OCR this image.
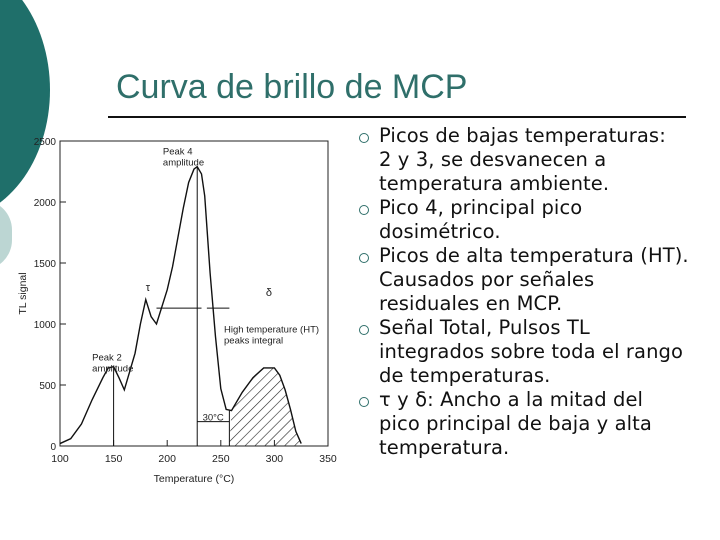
Curva de brillo de MCP
100	150	200	250	300	350
0
500
1000
1500
2000
2500
Temperature (°C)
TL signal
Peak 4
amplitude
Peak 2
amplitude
High temperature (HT)
peaks integral
30°C
τ	δ
Picos de bajas temperaturas:
2 y 3, se desvanecen a
temperatura ambiente.
Pico 4, principal pico
dosimétrico.
Picos de alta temperatura (HT).
Causados por señales
residuales en MCP.
Señal Total, Pulsos TL
integrados sobre toda el rango
de temperaturas.
τ y δ: Ancho a la mitad del
pico principal de baja y alta
temperatura.
